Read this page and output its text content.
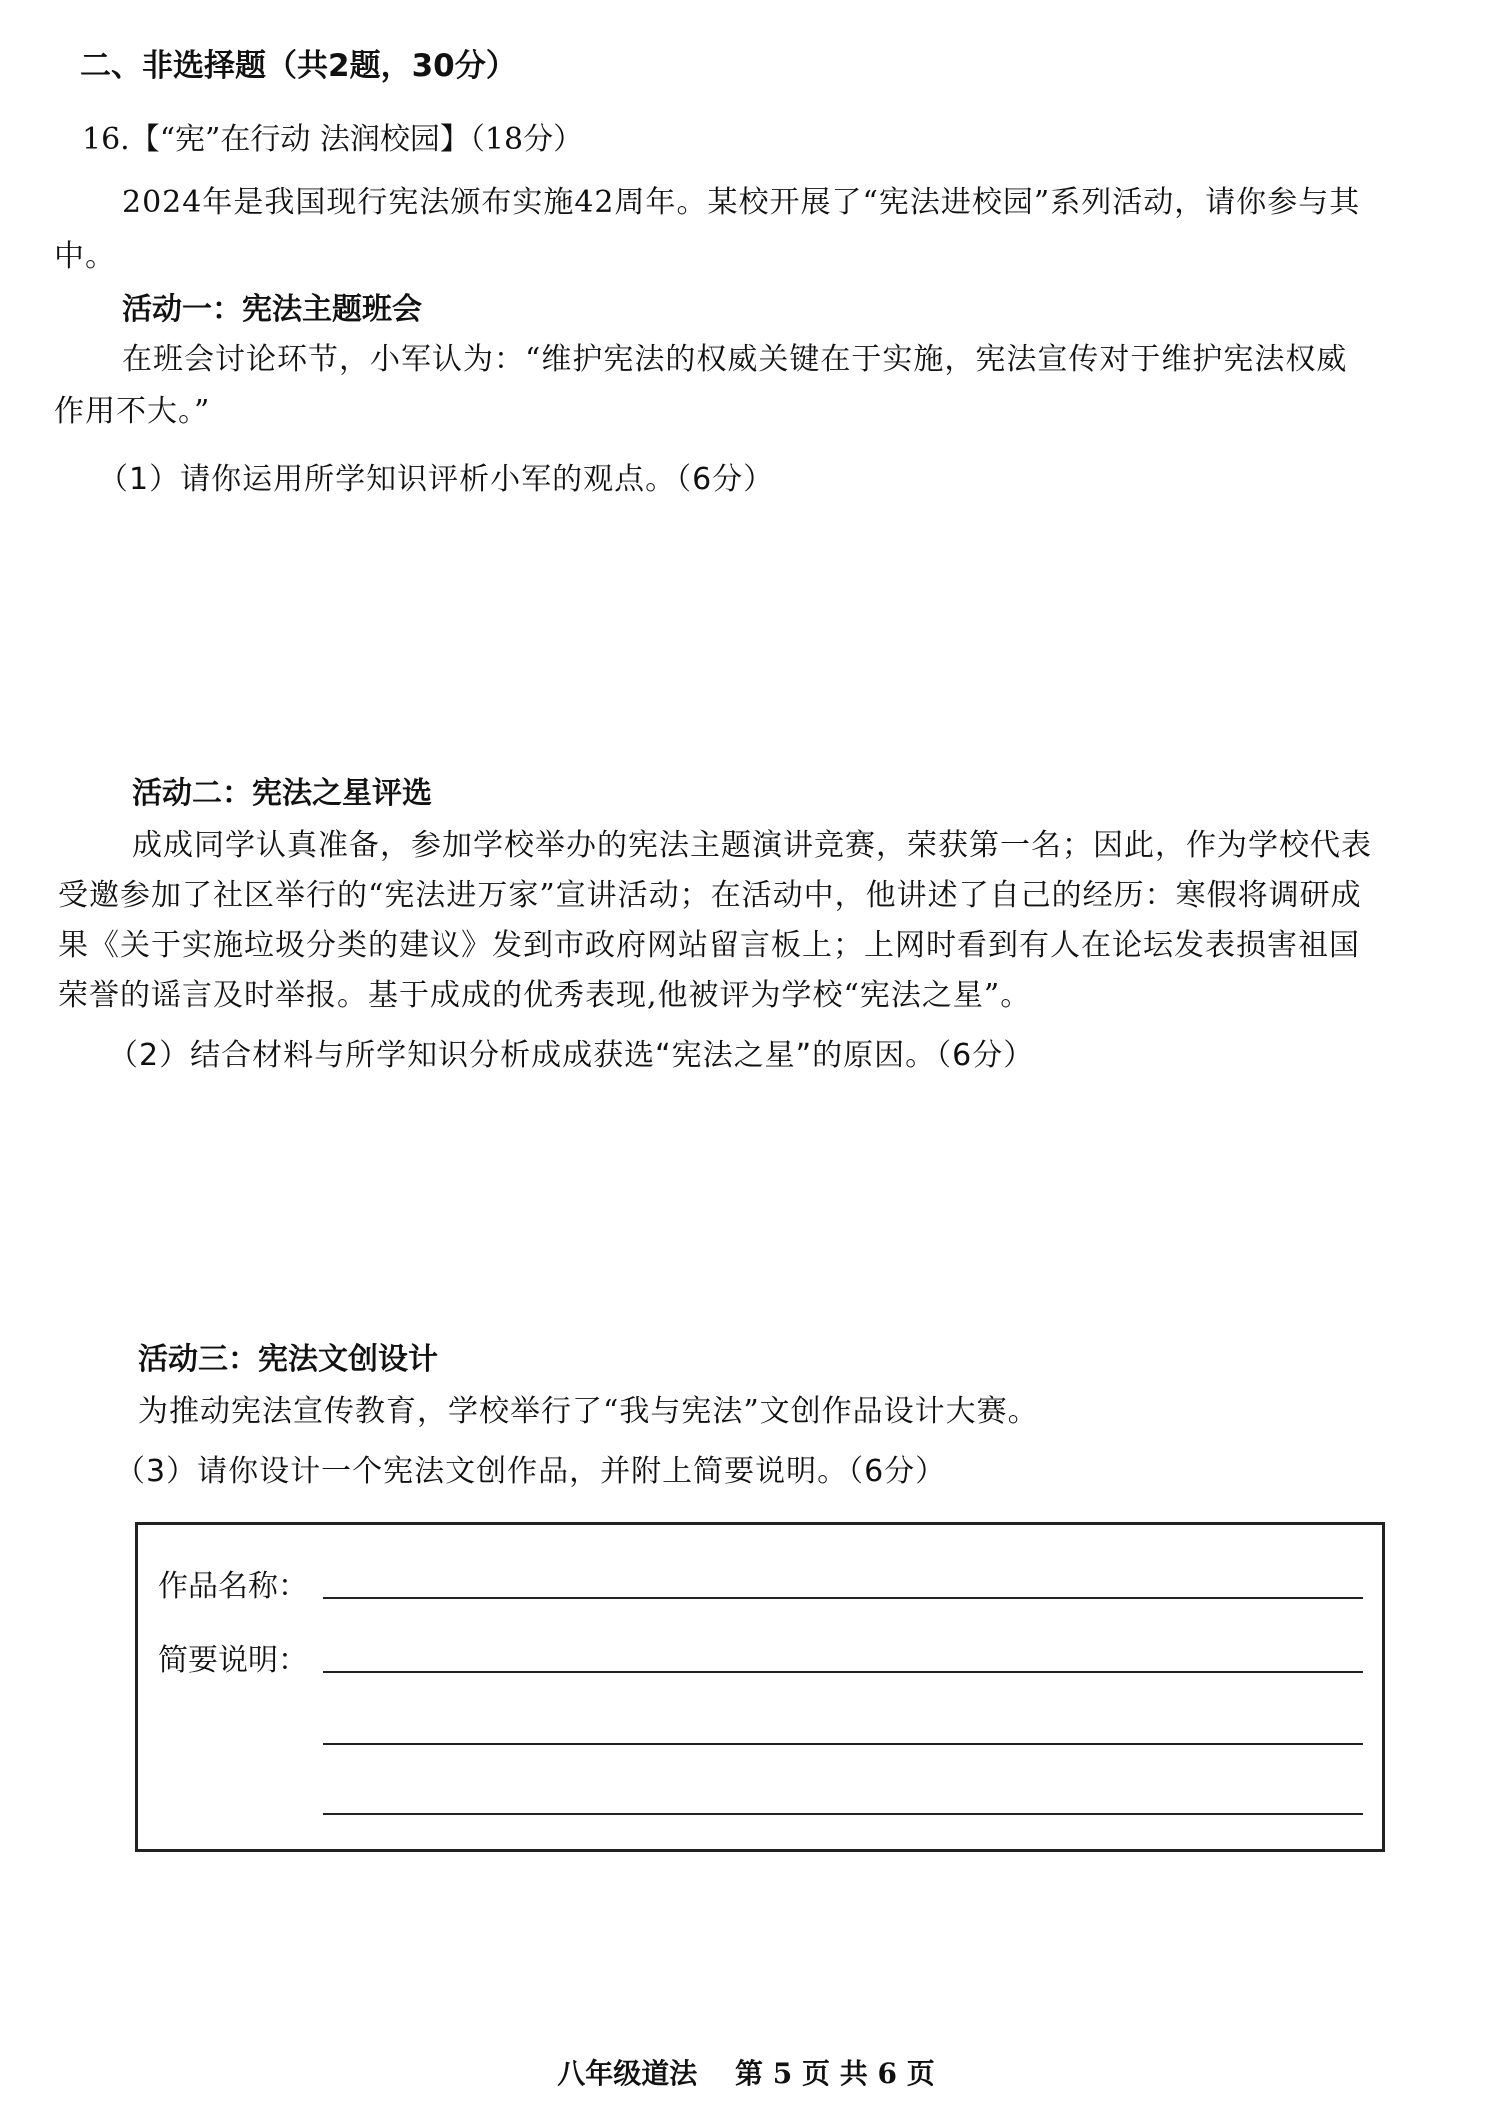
二、非选择题（共2题，30分）
16.【“宪”在行动 法润校园】（18分）
2024年是我国现行宪法颁布实施42周年。某校开展了“宪法进校园”系列活动，请你参与其
中。
活动一：宪法主题班会
在班会讨论环节，小军认为：“维护宪法的权威关键在于实施，宪法宣传对于维护宪法权威
作用不大。”
（1）请你运用所学知识评析小军的观点。（6分）
活动二：宪法之星评选
成成同学认真准备，参加学校举办的宪法主题演讲竞赛，荣获第一名；因此，作为学校代表
受邀参加了社区举行的“宪法进万家”宣讲活动；在活动中，他讲述了自己的经历：寒假将调研成
果《关于实施垃圾分类的建议》发到市政府网站留言板上；上网时看到有人在论坛发表损害祖国
荣誉的谣言及时举报。基于成成的优秀表现,他被评为学校“宪法之星”。
（2）结合材料与所学知识分析成成获选“宪法之星”的原因。（6分）
活动三：宪法文创设计
为推动宪法宣传教育，学校举行了“我与宪法”文创作品设计大赛。
（3）请你设计一个宪法文创作品，并附上简要说明。（6分）
作品名称：
简要说明：
八年级道法 第 5 页 共 6 页
